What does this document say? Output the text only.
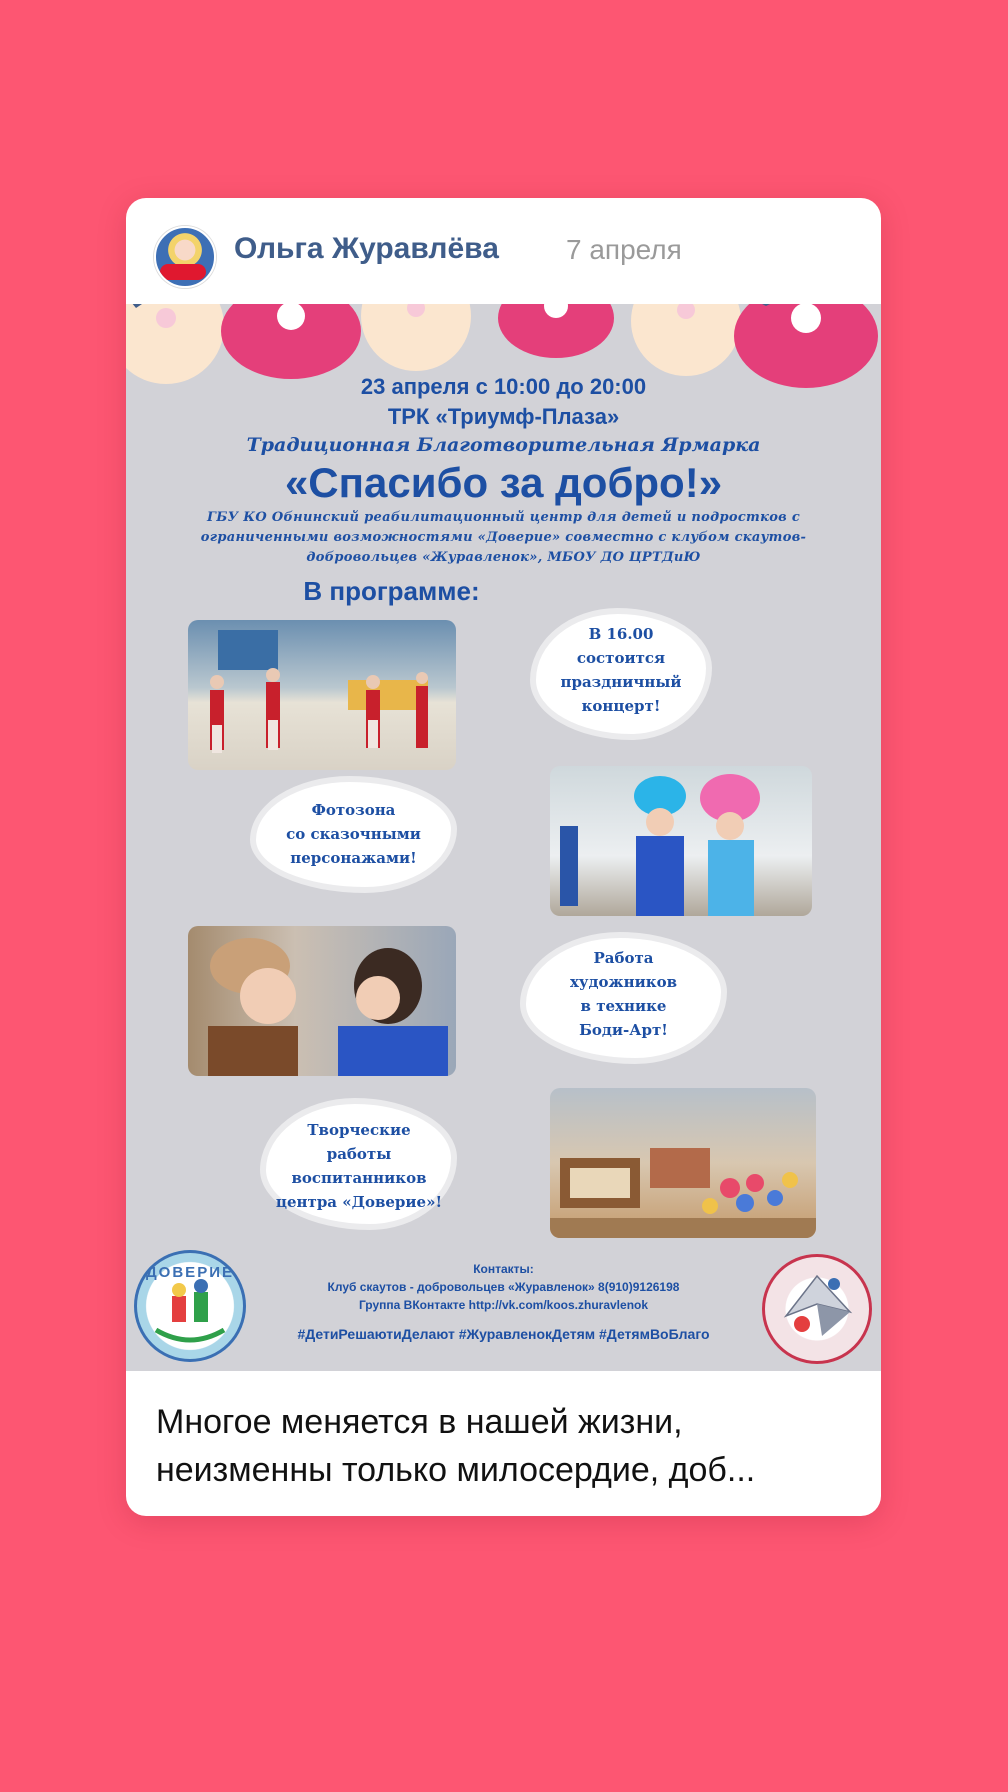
Ольга Журавлёва 7 апреля
23 апреля с 10:00 до 20:00
ТРК «Триумф-Плаза»
Традиционная Благотворительная Ярмарка
«Спасибо за добро!»
ГБУ КО Обнинский реабилитационный центр для детей и подростков с
ограниченными возможностями «Доверие» совместно с клубом скаутов-
добровольцев «Журавленок», МБОУ ДО ЦРТДиЮ
В программе:
В 16.00
состоится
праздничный
концерт!
Фотозона
со сказочными
персонажами!
Работа
художников
в технике
Боди-Арт!
Творческие
работы
воспитанников
центра «Доверие»!
ДОВЕРИЕ	Контакты:
Клуб скаутов - добровольцев «Журавленок» 8(910)9126198
Группа ВКонтакте http://vk.com/koos.zhuravlenok
#ДетиРешаютиДелают #ЖуравленокДетям #ДетямВоБлаго
Многое меняется в нашей жизни,
неизменны только милосердие, доб...
